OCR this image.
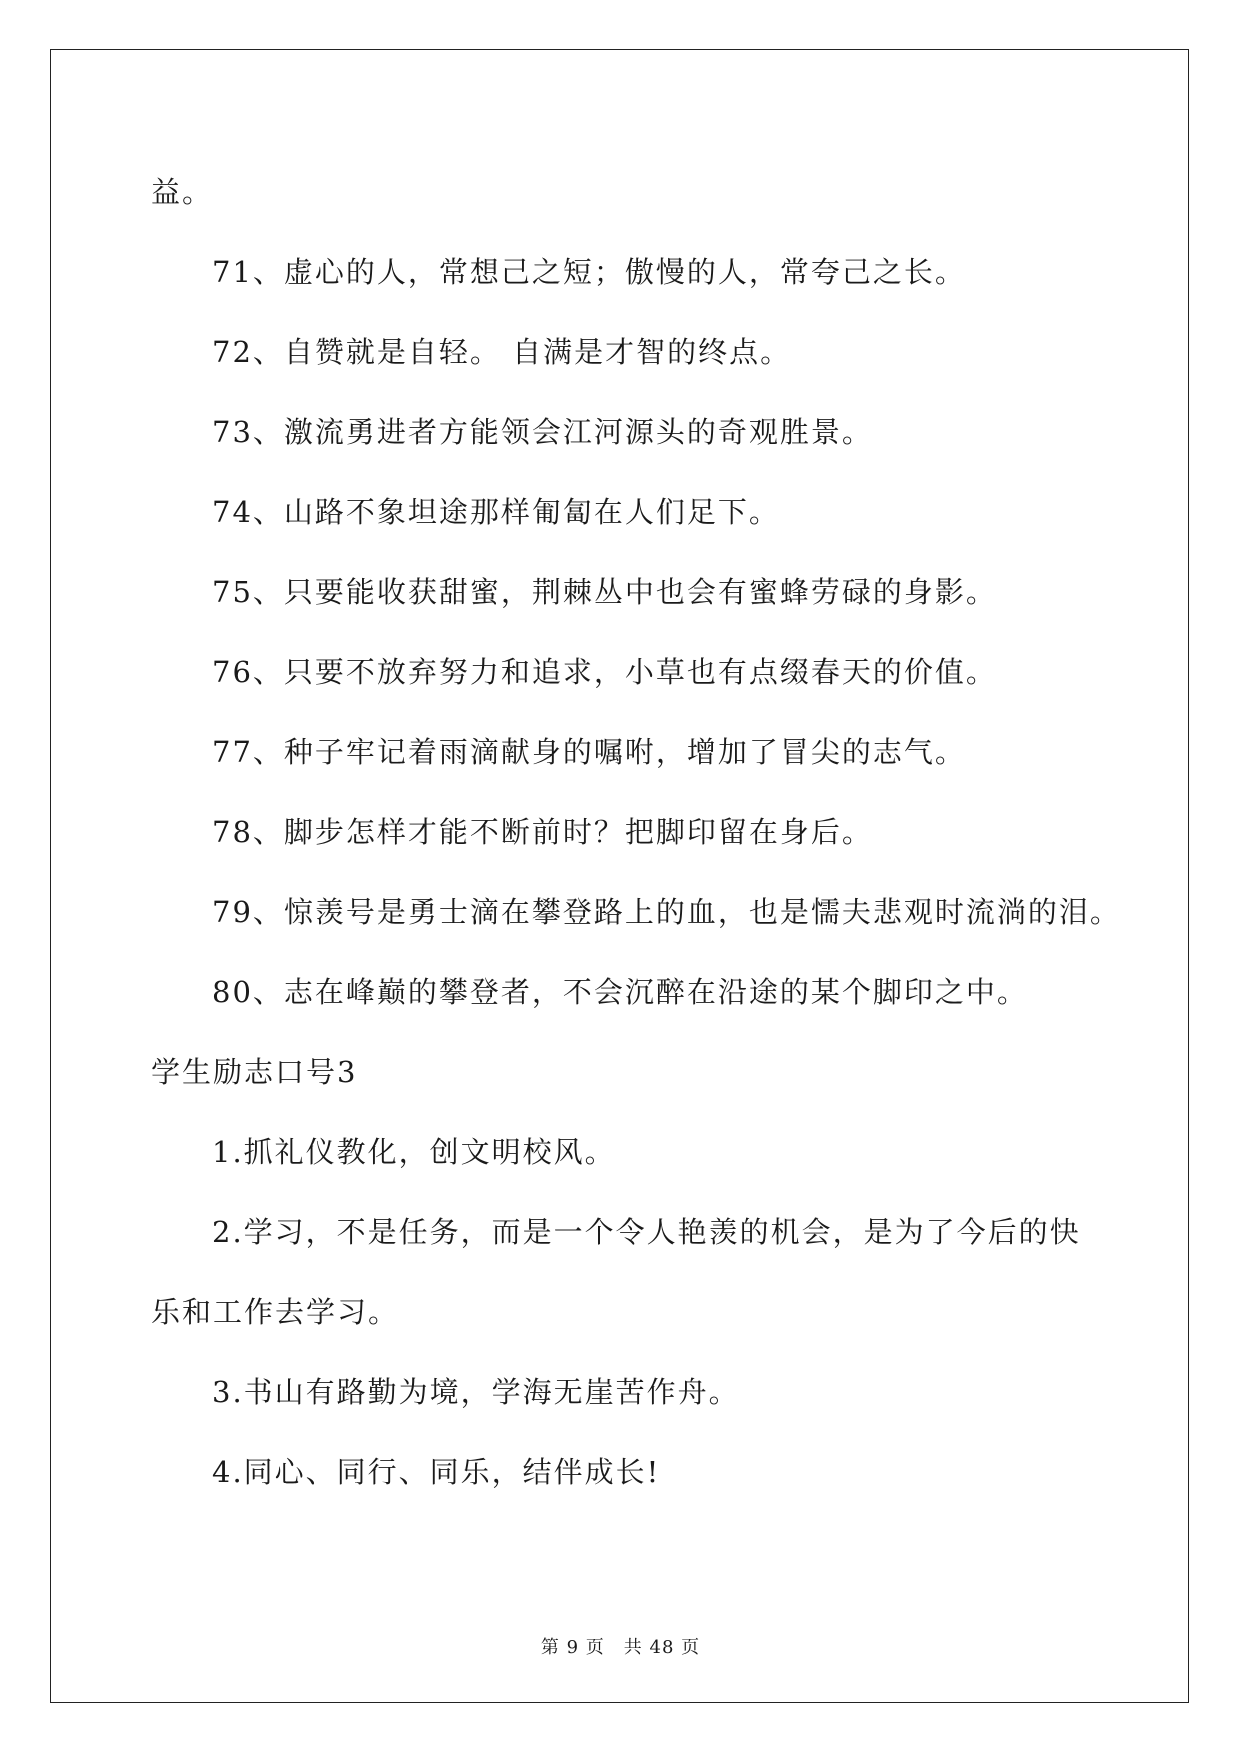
益。
71、虚心的人，常想己之短；傲慢的人，常夸己之长。
72、自赞就是自轻。 自满是才智的终点。
73、激流勇进者方能领会江河源头的奇观胜景。
74、山路不象坦途那样匍匐在人们足下。
75、只要能收获甜蜜，荆棘丛中也会有蜜蜂劳碌的身影。
76、只要不放弃努力和追求，小草也有点缀春天的价值。
77、种子牢记着雨滴献身的嘱咐，增加了冒尖的志气。
78、脚步怎样才能不断前时？把脚印留在身后。
79、惊羡号是勇士滴在攀登路上的血，也是懦夫悲观时流淌的泪。
80、志在峰巅的攀登者，不会沉醉在沿途的某个脚印之中。
学生励志口号3
1.抓礼仪教化，创文明校风。
2.学习，不是任务，而是一个令人艳羡的机会，是为了今后的快
乐和工作去学习。
3.书山有路勤为境，学海无崖苦作舟。
4.同心、同行、同乐，结伴成长!
第 9 页　共 48 页
